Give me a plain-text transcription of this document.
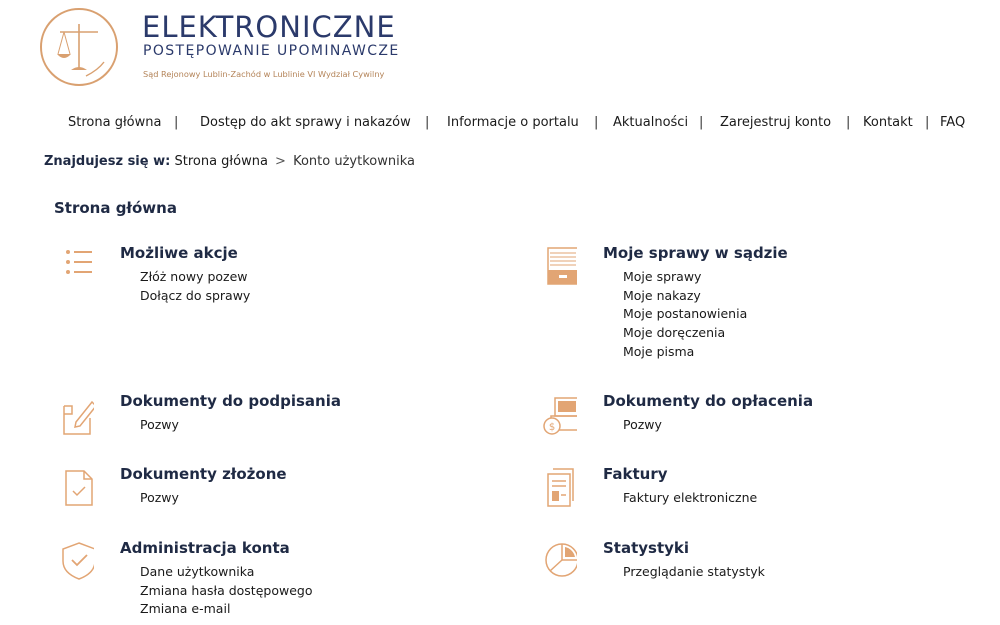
ELEKTRONICZNE
POSTĘPOWANIE UPOMINAWCZE
Sąd Rejonowy Lublin-Zachód w Lublinie VI Wydział Cywilny
Strona główna | Dostęp do akt sprawy i nakazów | Informacje o portalu | Aktualności | Zarejestruj konto | Kontakt | FAQ
Znajdujesz się w: Strona główna > Konto użytkownika
Strona główna
Możliwe akcje
Złóż nowy pozew
Dołącz do sprawy
Moje sprawy w sądzie
Moje sprawy
Moje nakazy
Moje postanowienia
Moje doręczenia
Moje pisma
Dokumenty do podpisania
Pozwy	$
Dokumenty do opłacenia
Pozwy
Dokumenty złożone
Pozwy
Faktury
Faktury elektroniczne
Administracja konta
Dane użytkownika
Zmiana hasła dostępowego
Zmiana e-mail
Statystyki
Przeglądanie statystyk
